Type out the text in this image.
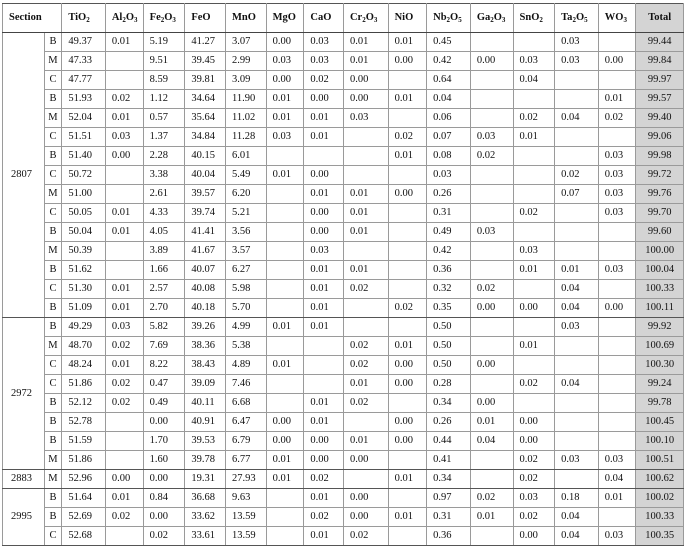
Section		TiO$_2$	$Al_2O_3$	$Fe_2O_3$	FeO	MnO	MgO	CaO	$Cr_2O_3$	NiO	$Nb_2O_5$	$Ga_2O_3$	SnO$_2$	$Ta_2O_5$	$WO_3$	Total
2807	B	49.37	0.01	5.19	41.27	3.07	0.00	0.03	0.01	0.01	0.45			0.03		99.44
	M	47.33		9.51	39.45	2.99	0.03	0.03	0.01	0.00	0.42	0.00	0.03	0.03	0.00	99.84
	C	47.77		8.59	39.81	3.09	0.00	0.02	0.00		0.64		0.04			99.97
	B	51.93	0.02	1.12	34.64	11.90	0.01	0.00	0.00	0.01	0.04				0.01	99.57
	M	52.04	0.01	0.57	35.64	11.02	0.01	0.01	0.03		0.06		0.02	0.04	0.02	99.40
	C	51.51	0.03	1.37	34.84	11.28	0.03	0.01		0.02	0.07	0.03	0.01			99.06
	B	51.40	0.00	2.28	40.15	6.01				0.01	0.08	0.02			0.03	99.98
	C	50.72		3.38	40.04	5.49	0.01	0.00			0.03			0.02	0.03	99.72
	M	51.00		2.61	39.57	6.20		0.01	0.01	0.00	0.26			0.07	0.03	99.76
	C	50.05	0.01	4.33	39.74	5.21		0.00	0.01		0.31		0.02		0.03	99.70
	B	50.04	0.01	4.05	41.41	3.56		0.00	0.01		0.49	0.03				99.60
	M	50.39		3.89	41.67	3.57		0.03			0.42		0.03			100.00
	B	51.62		1.66	40.07	6.27		0.01	0.01		0.36		0.01	0.01	0.03	100.04
	C	51.30	0.01	2.57	40.08	5.98		0.01	0.02		0.32	0.02		0.04		100.33
	B	51.09	0.01	2.70	40.18	5.70		0.01		0.02	0.35	0.00	0.00	0.04	0.00	100.11
2972	B	49.29	0.03	5.82	39.26	4.99	0.01	0.01			0.50			0.03		99.92
	M	48.70	0.02	7.69	38.36	5.38			0.02	0.01	0.50		0.01			100.69
	C	48.24	0.01	8.22	38.43	4.89	0.01		0.02	0.00	0.50	0.00				100.30
	C	51.86	0.02	0.47	39.09	7.46			0.01	0.00	0.28		0.02	0.04		99.24
	B	52.12	0.02	0.49	40.11	6.68		0.01	0.02		0.34	0.00				99.78
	B	52.78		0.00	40.91	6.47	0.00	0.01		0.00	0.26	0.01	0.00			100.45
	B	51.59		1.70	39.53	6.79	0.00	0.00	0.01	0.00	0.44	0.04	0.00			100.10
	M	51.86		1.60	39.78	6.77	0.01	0.00	0.00		0.41		0.02	0.03	0.03	100.51
2883	M	52.96	0.00	0.00	19.31	27.93	0.01	0.02		0.01	0.34		0.02		0.04	100.62
2995	B	51.64	0.01	0.84	36.68	9.63		0.01	0.00		0.97	0.02	0.03	0.18	0.01	100.02
	B	52.69	0.02	0.00	33.62	13.59		0.02	0.00	0.01	0.31	0.01	0.02	0.04		100.33
	C	52.68		0.02	33.61	13.59		0.01	0.02		0.36		0.00	0.04	0.03	100.35
